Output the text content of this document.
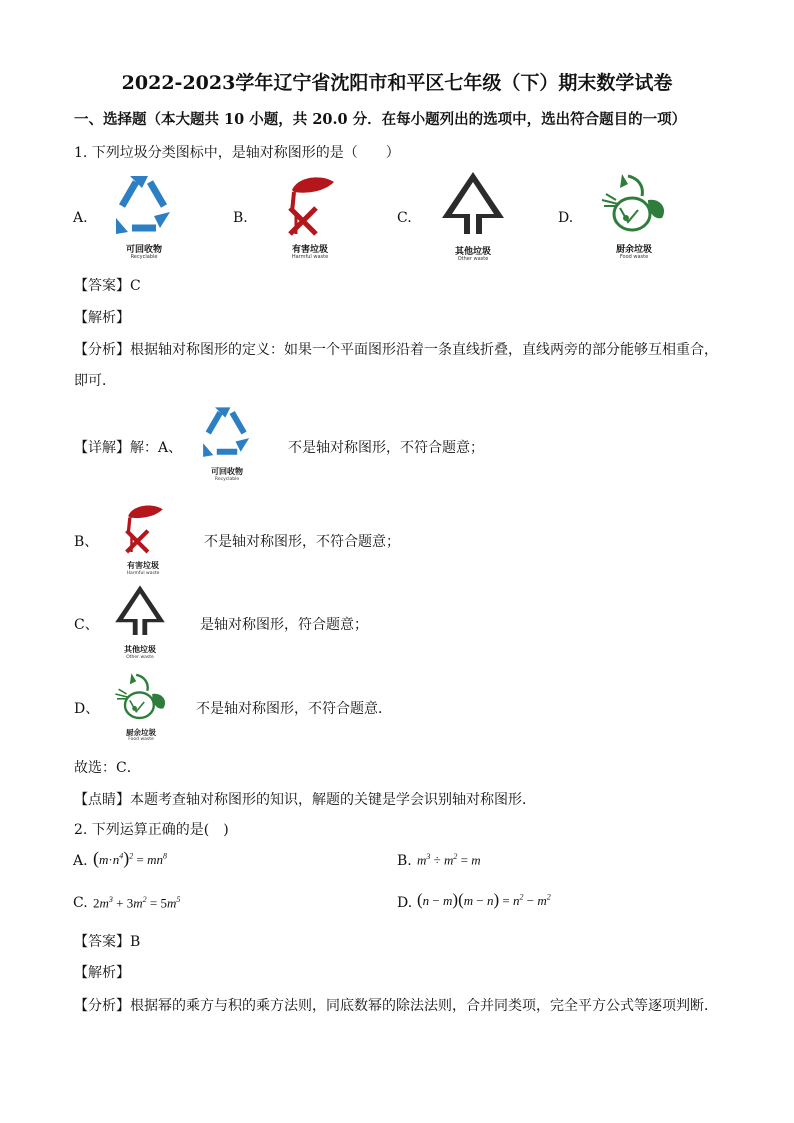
2022-2023学年辽宁省沈阳市和平区七年级（下）期末数学试卷
一、选择题（本大题共 10 小题，共 20.0 分．在每小题列出的选项中，选出符合题目的一项）
1. 下列垃圾分类图标中，是轴对称图形的是（　　）
A.	B.	C.	D.
可回收物
Recyclable
有害垃圾
Harmful waste	其他垃圾
Other waste
厨余垃圾
Food waste
【答案】C
【解析】
【分析】根据轴对称图形的定义：如果一个平面图形沿着一条直线折叠，直线两旁的部分能够互相重合，
即可．
【详解】解：A、
可回收物
Recyclable
不是轴对称图形，不符合题意；
B、
有害垃圾
Harmful waste
不是轴对称图形，不符合题意；
C、
其他垃圾
Other waste
是轴对称图形，符合题意；
D、
厨余垃圾
Food waste
不是轴对称图形，不符合题意．
故选：C．
【点睛】本题考查轴对称图形的知识，解题的关键是学会识别轴对称图形．
2. 下列运算正确的是(　)
A. $(m\cdot n^4)^2 = mn^8$	B. $m^3 \div m^2 = m$
C. $2m^3 + 3m^2 = 5m^5$	D. $(n - m)(m - n) = n^2 - m^2$
【答案】B
【解析】
【分析】根据幂的乘方与积的乘方法则，同底数幂的除法法则，合并同类项，完全平方公式等逐项判断．
